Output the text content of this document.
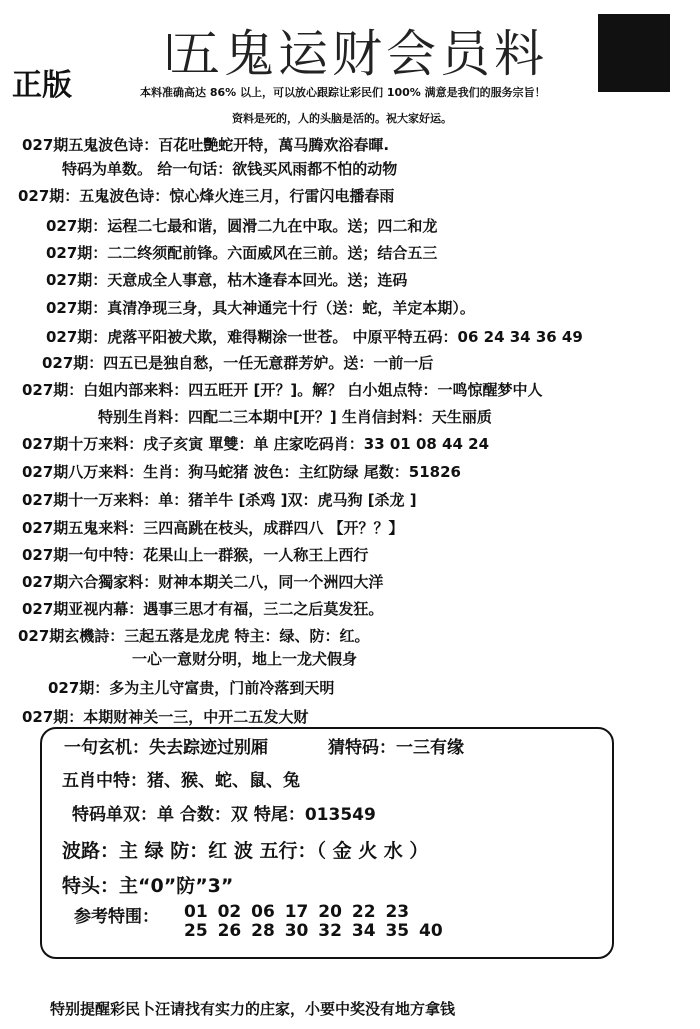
五鬼运财会员料
正版	本料准确高达 86% 以上，可以放心跟踪让彩民们 100% 满意是我们的服务宗旨！
资料是死的，人的头脑是活的。祝大家好运。
027期五鬼波色诗：百花吐艷蛇开特，萬马腾欢浴春暉.
特码为单数。 给一句话：欲钱买风雨都不怕的动物
027期：五鬼波色诗：惊心烽火连三月，行雷闪电播春雨
027期：运程二七最和谐，圆滑二九在中取。送；四二和龙
027期：二二终须配前锋。六面威风在三前。送；结合五三
027期：天意成全人事意，枯木逢春本回光。送；连码
027期：真清净现三身，具大神通完十行（送：蛇，羊定本期）。
027期：虎落平阳被犬欺，难得糊涂一世苍。 中原平特五码：06 24 34 36 49
027期：四五已是独自愁，一任无意群芳妒。送：一前一后
027期：白姐内部来料：四五旺开 [开？]。解？ 白小姐点特：一鸣惊醒梦中人
特别生肖料：四配二三本期中[开？] 生肖信封料：天生丽质
027期十万来料：戌子亥寅 單雙：单 庄家吃码肖：33 01 08 44 24
027期八万来料：生肖：狗马蛇猪 波色：主红防绿 尾数：51826
027期十一万来料：单：猪羊牛 [杀鸡 ]双：虎马狗 [杀龙 ]
027期五鬼来料：三四高跳在枝头，成群四八 【开？？】
027期一句中特：花果山上一群猴，一人称王上西行
027期六合獨家料：财神本期关二八，同一个洲四大洋
027期亚视内幕：遇事三思才有福，三二之后莫发狂。
027期玄機詩：三起五落是龙虎 特主：绿、防：红。
一心一意财分明，地上一龙犬假身
027期：多为主儿守富贵，门前冷落到天明
027期：本期财神关一三，中开二五发大财
一句玄机：失去踪迹过别厢	猜特码：一三有缘
五肖中特：猪、猴、蛇、鼠、兔
特码单双：单 合数：双 特尾：013549
波路：主 绿 防：红 波 五行：（ 金 火 水 ）
特头：主“0”防”3”
参考特围： 01 02 06 17 20 22 23
25 26 28 30 32 34 35 40
特别提醒彩民卜汪请找有实力的庄家，小要中奖没有地方拿钱
